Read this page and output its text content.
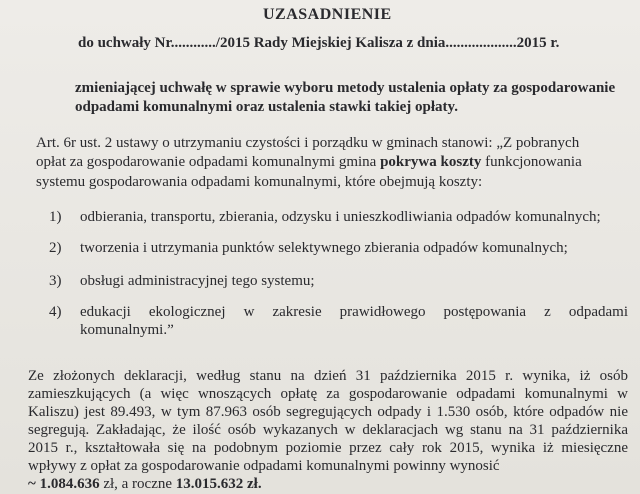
UZASADNIENIE
do uchwały Nr............/2015 Rady Miejskiej Kalisza z dnia...................2015 r.
zmieniającej uchwałę w sprawie wyboru metody ustalenia opłaty za gospodarowanie
odpadami komunalnymi oraz ustalenia stawki takiej opłaty.
Art. 6r ust. 2 ustawy o utrzymaniu czystości i porządku w gminach stanowi: „Z pobranych
opłat za gospodarowanie odpadami komunalnymi gmina pokrywa koszty funkcjonowania
systemu gospodarowania odpadami komunalnymi, które obejmują koszty:
1) odbierania, transportu, zbierania, odzysku i unieszkodliwiania odpadów komunalnych;
2) tworzenia i utrzymania punktów selektywnego zbierania odpadów komunalnych;
3) obsługi administracyjnej tego systemu;
4) edukacji ekologicznej w zakresie prawidłowego postępowania z odpadami
komunalnymi.”
Ze złożonych deklaracji, według stanu na dzień 31 października 2015 r. wynika, iż osób
zamieszkujących (a więc wnoszących opłatę za gospodarowanie odpadami komunalnymi w
Kaliszu) jest 89.493, w tym 87.963 osób segregujących odpady i 1.530 osób, które odpadów nie
segregują. Zakładając, że ilość osób wykazanych w deklaracjach wg stanu na 31 października
2015 r., kształtowała się na podobnym poziomie przez cały rok 2015, wynika iż miesięczne
wpływy z opłat za gospodarowanie odpadami komunalnymi powinny wynosić
~ 1.084.636 zł, a roczne 13.015.632 zł.
